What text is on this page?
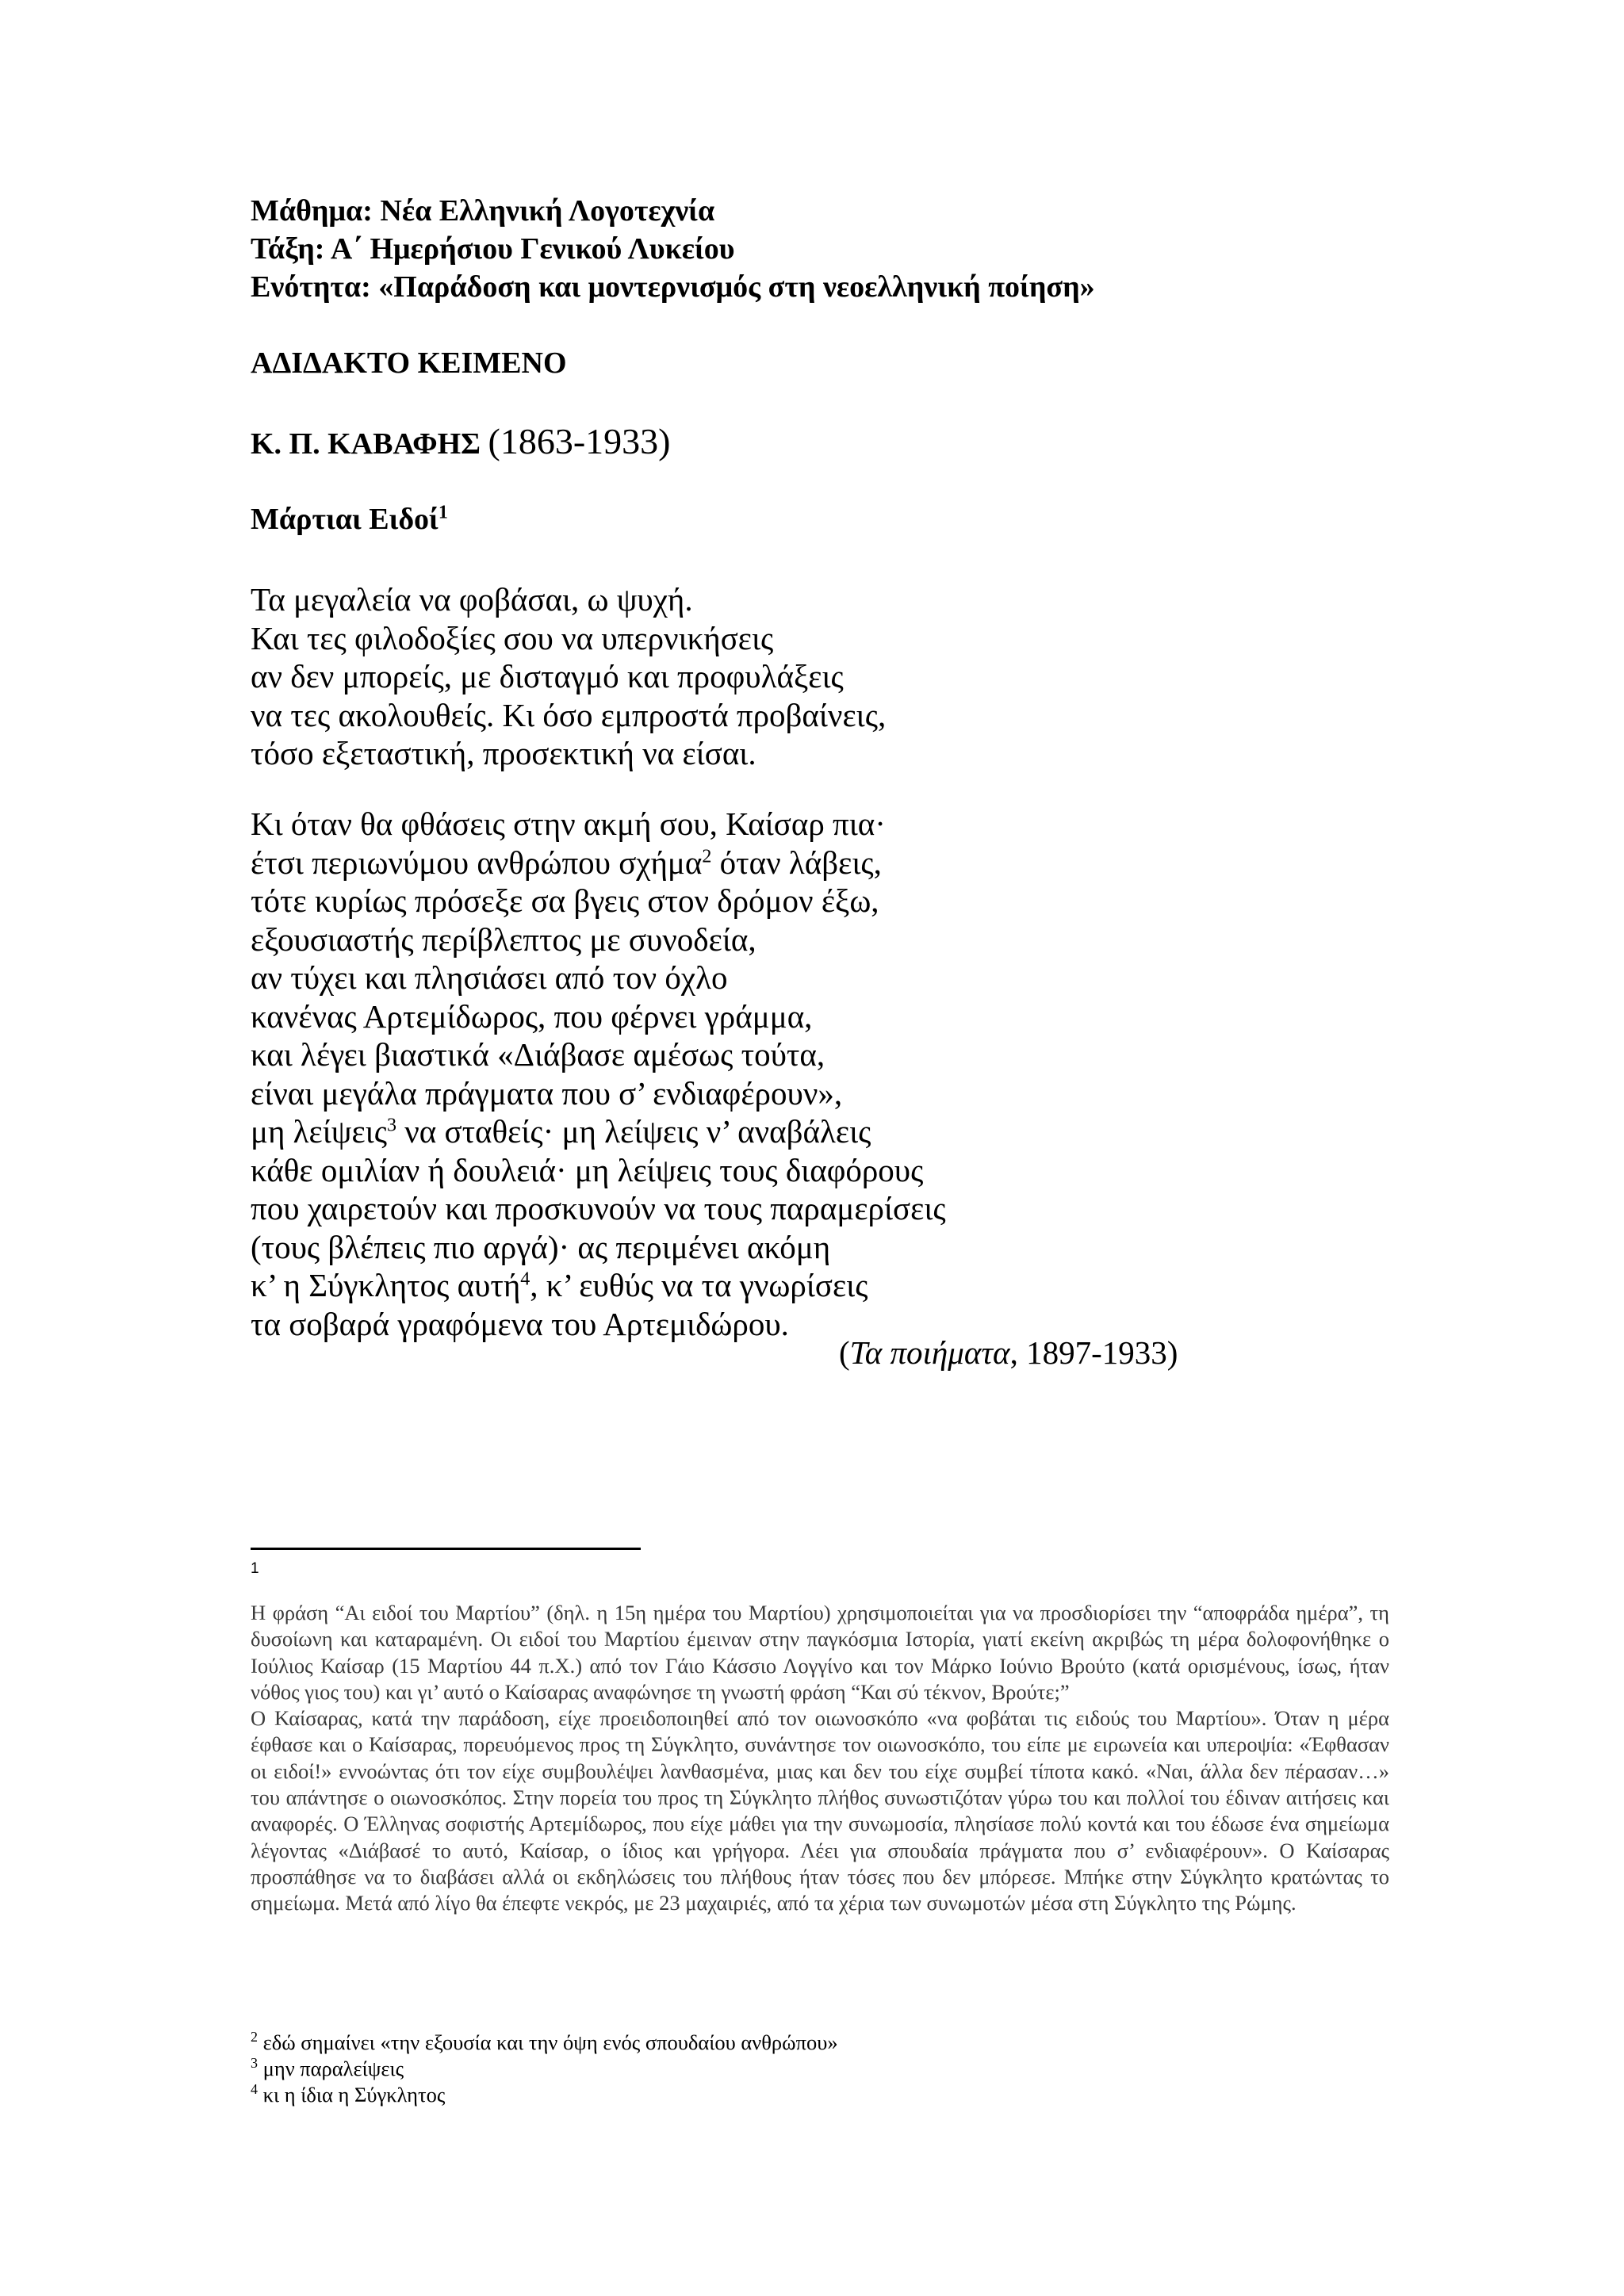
Μάθημα: Νέα Ελληνική Λογοτεχνία
Τάξη: Α΄ Ημερήσιου Γενικού Λυκείου
Ενότητα: «Παράδοση και μοντερνισμός στη νεοελληνική ποίηση»
ΑΔΙΔΑΚΤΟ ΚΕΙΜΕΝΟ
Κ. Π. ΚΑΒΑΦΗΣ (1863-1933)
Μάρτιαι Ειδοί$^1$
Τα μεγαλεία να φοβάσαι, ω ψυχή.
Και τες φιλοδοξίες σου να υπερνικήσεις
αν δεν μπορείς, με δισταγμό και προφυλάξεις
να τες ακολουθείς. Κι όσο εμπροστά προβαίνεις,
τόσο εξεταστική, προσεκτική να είσαι.
Κι όταν θα φθάσεις στην ακμή σου, Καίσαρ πια·
έτσι περιωνύμου ανθρώπου σχήμα$^2$ όταν λάβεις,
τότε κυρίως πρόσεξε σα βγεις στον δρόμον έξω,
εξουσιαστής περίβλεπτος με συνοδεία,
αν τύχει και πλησιάσει από τον όχλο
κανένας Αρτεμίδωρος, που φέρνει γράμμα,
και λέγει βιαστικά «Διάβασε αμέσως τούτα,
είναι μεγάλα πράγματα που σ’ ενδιαφέρουν»,
μη λείψεις$^3$ να σταθείς· μη λείψεις ν’ αναβάλεις
κάθε ομιλίαν ή δουλειά· μη λείψεις τους διαφόρους
που χαιρετούν και προσκυνούν να τους παραμερίσεις
(τους βλέπεις πιο αργά)· ας περιμένει ακόμη
κ’ η Σύγκλητος αυτή$^4$, κ’ ευθύς να τα γνωρίσεις
τα σοβαρά γραφόμενα του Αρτεμιδώρου.
(Τα ποιήματα, 1897-1933)
1

Η φράση “Αι ειδοί του Μαρτίου” (δηλ. η 15η ημέρα του Μαρτίου) χρησιμοποιείται για να προσδιορίσει την “αποφράδα ημέρα”, τη δυσοίωνη και καταραμένη. Οι ειδοί του Μαρτίου έμειναν στην παγκόσμια Ιστορία, γιατί εκείνη ακριβώς τη μέρα δολοφονήθηκε ο Ιούλιος Καίσαρ (15 Μαρτίου 44 π.Χ.) από τον Γάιο Κάσσιο Λογγίνο και τον Μάρκο Ιούνιο Βρούτο (κατά ορισμένους, ίσως, ήταν νόθος γιος του) και γι’ αυτό ο Καίσαρας αναφώνησε τη γνωστή φράση “Και σύ τέκνον, Βρούτε;”

Ο Καίσαρας, κατά την παράδοση, είχε προειδοποιηθεί από τον οιωνοσκόπο «να φοβάται τις ειδούς του Μαρτίου». Όταν η μέρα έφθασε και ο Καίσαρας, πορευόμενος προς τη Σύγκλητο, συνάντησε τον οιωνοσκόπο, του είπε με ειρωνεία και υπεροψία: «Έφθασαν οι ειδοί!» εννοώντας ότι τον είχε συμβουλέψει λανθασμένα, μιας και δεν του είχε συμβεί τίποτα κακό. «Ναι, άλλα δεν πέρασαν…» του απάντησε ο οιωνοσκόπος. Στην πορεία του προς τη Σύγκλητο πλήθος συνωστιζόταν γύρω του και πολλοί του έδιναν αιτήσεις και αναφορές. Ο Έλληνας σοφιστής Αρτεμίδωρος, που είχε μάθει για την συνωμοσία, πλησίασε πολύ κοντά και του έδωσε ένα σημείωμα λέγοντας «Διάβασέ το αυτό, Καίσαρ, ο ίδιος και γρήγορα. Λέει για σπουδαία πράγματα που σ’ ενδιαφέρουν». Ο Καίσαρας προσπάθησε να το διαβάσει αλλά οι εκδηλώσεις του πλήθους ήταν τόσες που δεν μπόρεσε. Μπήκε στην Σύγκλητο κρατώντας το σημείωμα. Μετά από λίγο θα έπεφτε νεκρός, με 23 μαχαιριές, από τα χέρια των συνωμοτών μέσα στη Σύγκλητο της Ρώμης.

$^2$ εδώ σημαίνει «την εξουσία και την όψη ενός σπουδαίου ανθρώπου»
$^3$ μην παραλείψεις
$^4$ κι η ίδια η Σύγκλητος
